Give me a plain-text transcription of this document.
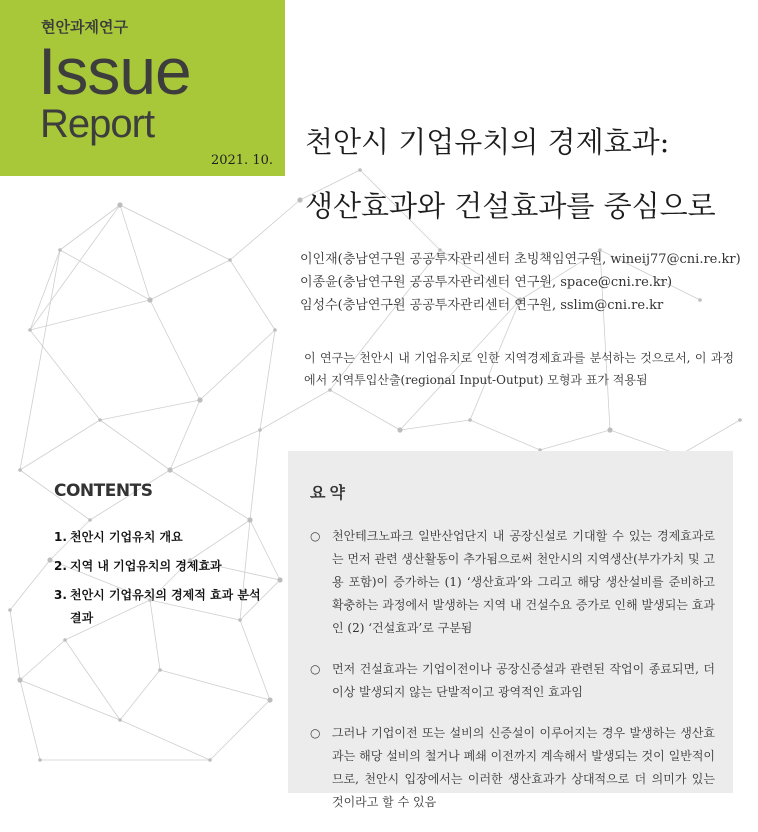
현안과제연구
Issue
Report
2021. 10.
천안시 기업유치의 경제효과:
생산효과와 건설효과를 중심으로
이인재(충남연구원 공공투자관리센터 초빙책임연구원, wineij77@cni.re.kr)
이종윤(충남연구원 공공투자관리센터 연구원, space@cni.re.kr)
임성수(충남연구원 공공투자관리센터 연구원, sslim@cni.re.kr
이 연구는 천안시 내 기업유치로 인한 지역경제효과를 분석하는 것으로서, 이 과정에서 지역투입산출(regional Input-Output) 모형과 표가 적용됨
CONTENTS
1. 천안시 기업유치 개요
2. 지역 내 기업유치의 경제효과
3. 천안시 기업유치의 경제적 효과 분석 결과
요약
○ 천안테크노파크 일반산업단지 내 공장신설로 기대할 수 있는 경제효과로는 먼저 관련 생산활동이 추가됨으로써 천안시의 지역생산(부가가치 및 고용 포함)이 증가하는 (1) ‘생산효과’와 그리고 해당 생산설비를 준비하고 확충하는 과정에서 발생하는 지역 내 건설수요 증가로 인해 발생되는 효과인 (2) ‘건설효과’로 구분됨
○ 먼저 건설효과는 기업이전이나 공장신증설과 관련된 작업이 종료되면, 더 이상 발생되지 않는 단발적이고 광역적인 효과임
○ 그러나 기업이전 또는 설비의 신증설이 이루어지는 경우 발생하는 생산효과는 해당 설비의 철거나 폐쇄 이전까지 계속해서 발생되는 것이 일반적이므로, 천안시 입장에서는 이러한 생산효과가 상대적으로 더 의미가 있는 것이라고 할 수 있음
